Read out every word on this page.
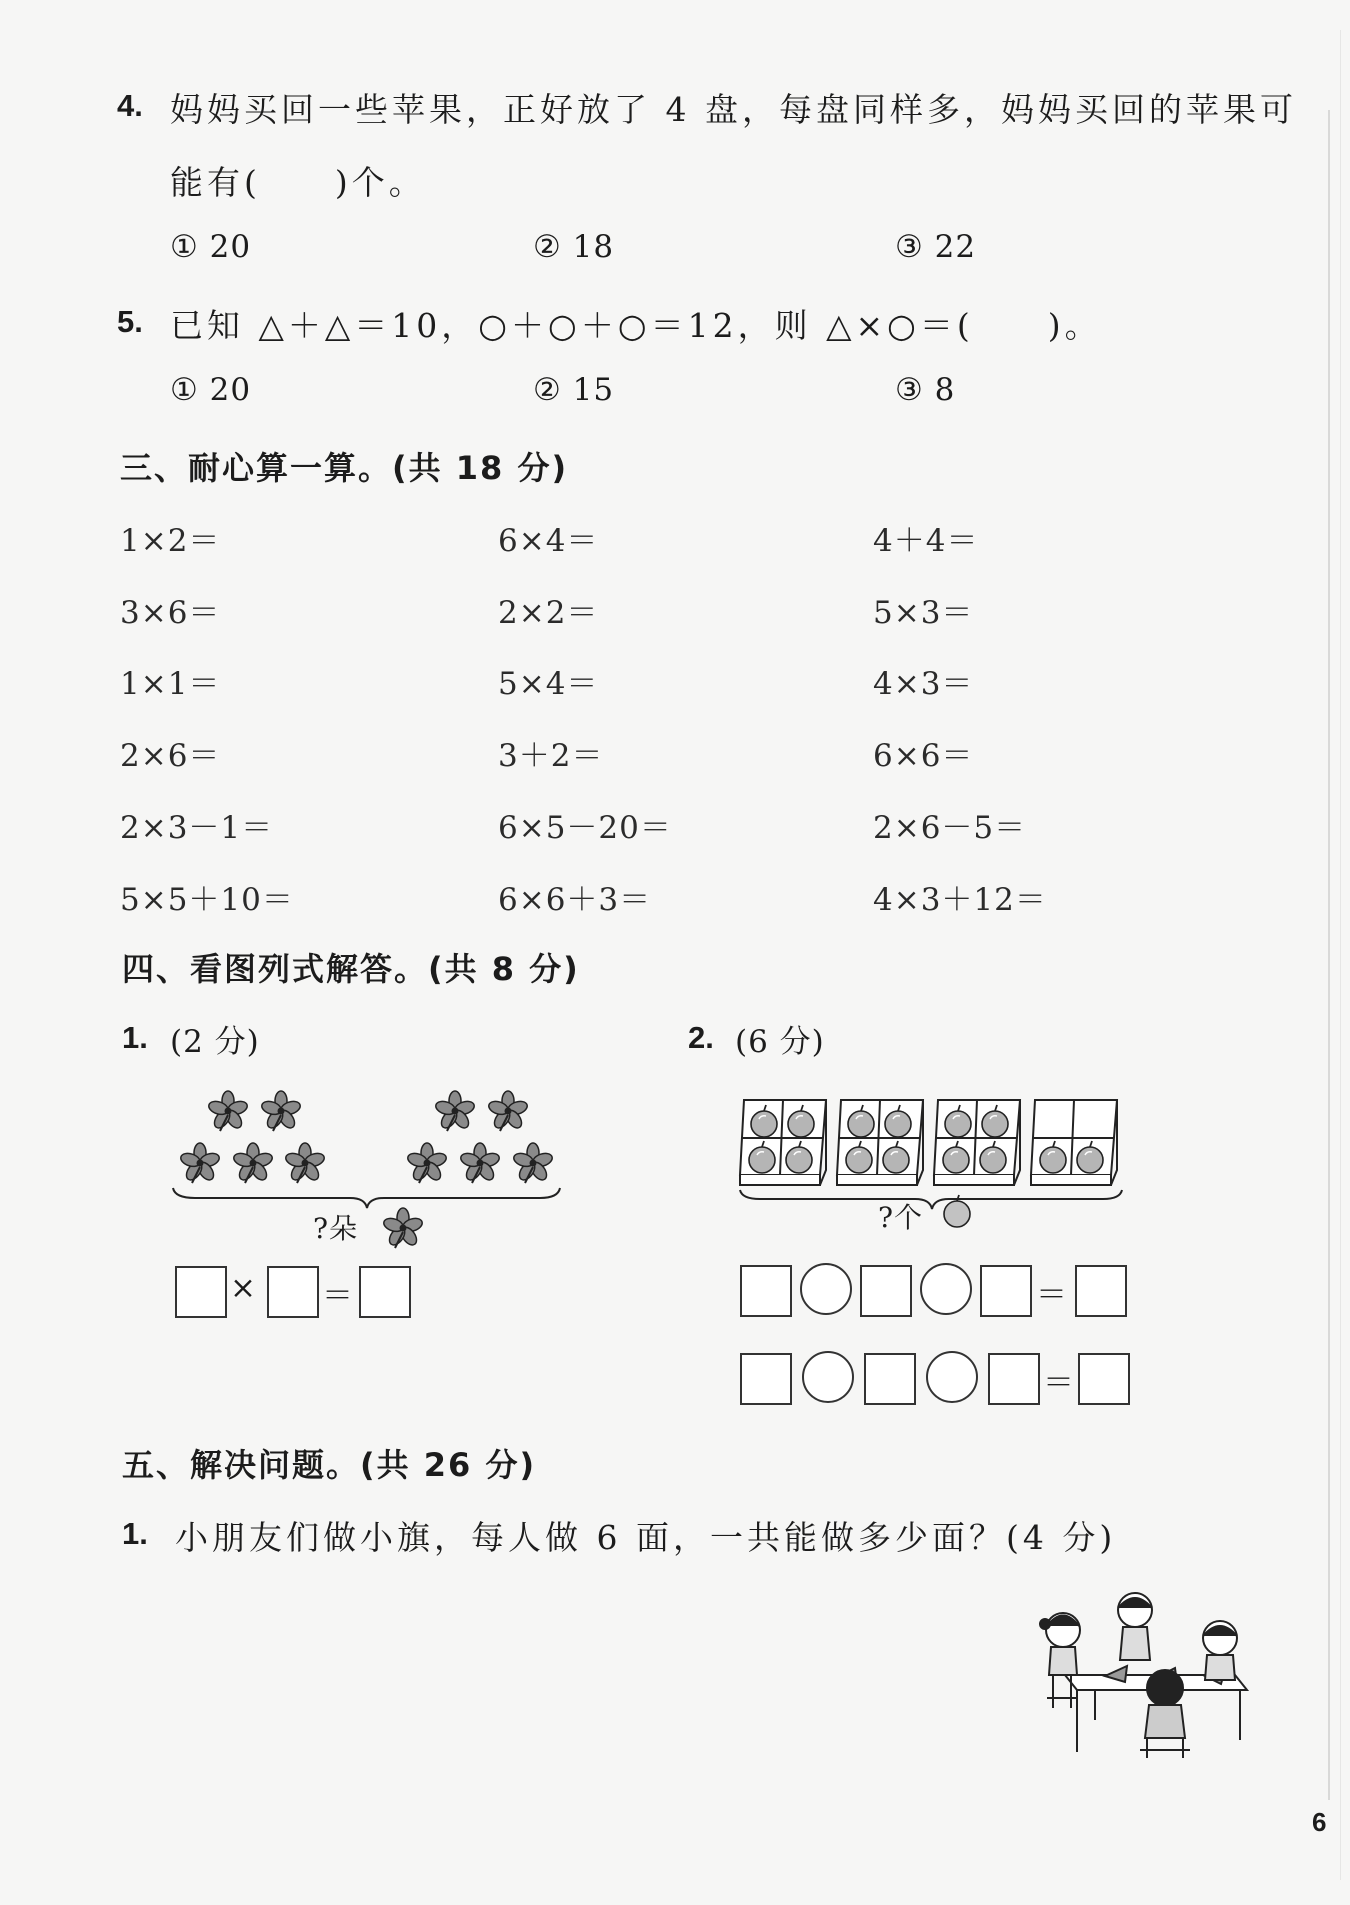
4. 妈妈买回一些苹果，正好放了 4 盘，每盘同样多，妈妈买回的苹果可
能有(　　)个。
① 20	② 18	③ 22
5. 已知 △＋△＝10，○＋○＋○＝12，则 △×○＝(　　)。
① 20	② 15	③ 8
三、耐心算一算。(共 18 分)
1×2＝	6×4＝	4＋4＝
3×6＝	2×2＝	5×3＝
1×1＝	5×4＝	4×3＝
2×6＝	3＋2＝	6×6＝
2×3－1＝	6×5－20＝	2×6－5＝
5×5＋10＝	6×6＋3＝	4×3＋12＝
四、看图列式解答。(共 8 分)
1. (2 分)	2. (6 分)
?朵
× ＝
?个
＝
＝
五、解决问题。(共 26 分)
1. 小朋友们做小旗，每人做 6 面，一共能做多少面？(4 分)
6
